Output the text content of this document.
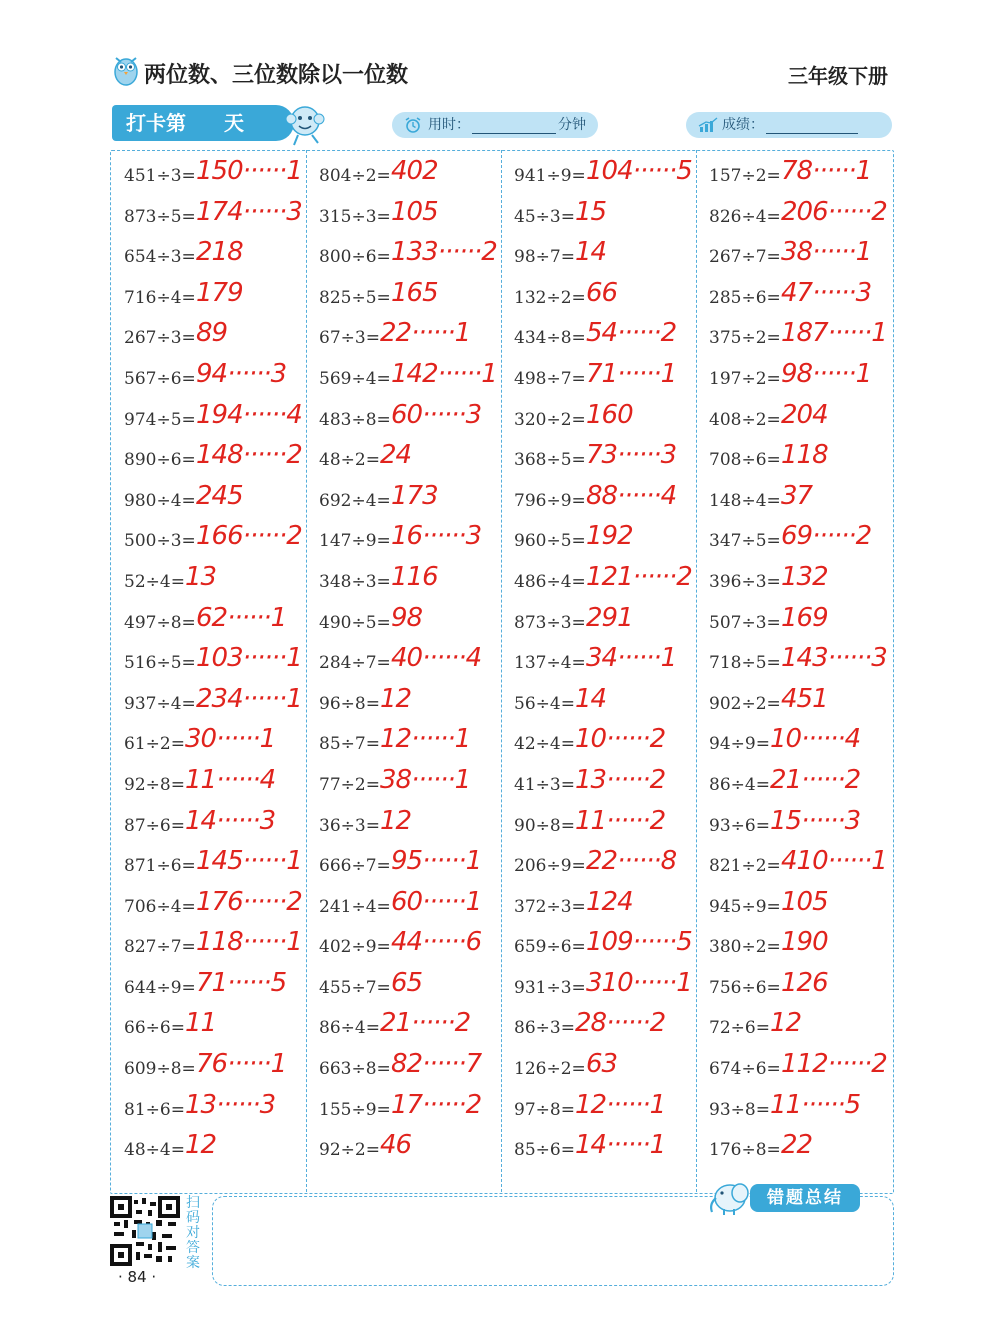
两位数、三位数除以一位数	三年级下册
打卡第 天	用时：	分钟	成绩：
451÷3= 150······1
873÷5= 174······3
654÷3= 218
716÷4= 179
267÷3= 89
567÷6= 94······3
974÷5= 194······4
890÷6= 148······2
980÷4= 245
500÷3= 166······2
52÷4= 13
497÷8= 62······1
516÷5= 103······1
937÷4= 234······1
61÷2= 30······1
92÷8= 11······4
87÷6= 14······3
871÷6= 145······1
706÷4= 176······2
827÷7= 118······1
644÷9= 71······5
66÷6= 11
609÷8= 76······1
81÷6= 13······3
48÷4= 12
804÷2= 402
315÷3= 105
800÷6= 133······2
825÷5= 165
67÷3= 22······1
569÷4= 142······1
483÷8= 60······3
48÷2= 24
692÷4= 173
147÷9= 16······3
348÷3= 116
490÷5= 98
284÷7= 40······4
96÷8= 12
85÷7= 12······1
77÷2= 38······1
36÷3= 12
666÷7= 95······1
241÷4= 60······1
402÷9= 44······6
455÷7= 65
86÷4= 21······2
663÷8= 82······7
155÷9= 17······2
92÷2= 46
941÷9= 104······5
45÷3= 15
98÷7= 14
132÷2= 66
434÷8= 54······2
498÷7= 71······1
320÷2= 160
368÷5= 73······3
796÷9= 88······4
960÷5= 192
486÷4= 121······2
873÷3= 291
137÷4= 34······1
56÷4= 14
42÷4= 10······2
41÷3= 13······2
90÷8= 11······2
206÷9= 22······8
372÷3= 124
659÷6= 109······5
931÷3= 310······1
86÷3= 28······2
126÷2= 63
97÷8= 12······1
85÷6= 14······1
157÷2= 78······1
826÷4= 206······2
267÷7= 38······1
285÷6= 47······3
375÷2= 187······1
197÷2= 98······1
408÷2= 204
708÷6= 118
148÷4= 37
347÷5= 69······2
396÷3= 132
507÷3= 169
718÷5= 143······3
902÷2= 451
94÷9= 10······4
86÷4= 21······2
93÷6= 15······3
821÷2= 410······1
945÷9= 105
380÷2= 190
756÷6= 126
72÷6= 12
674÷6= 112······2
93÷8= 11······5
176÷8= 22
扫码对答案
· 84 ·
错题总结
